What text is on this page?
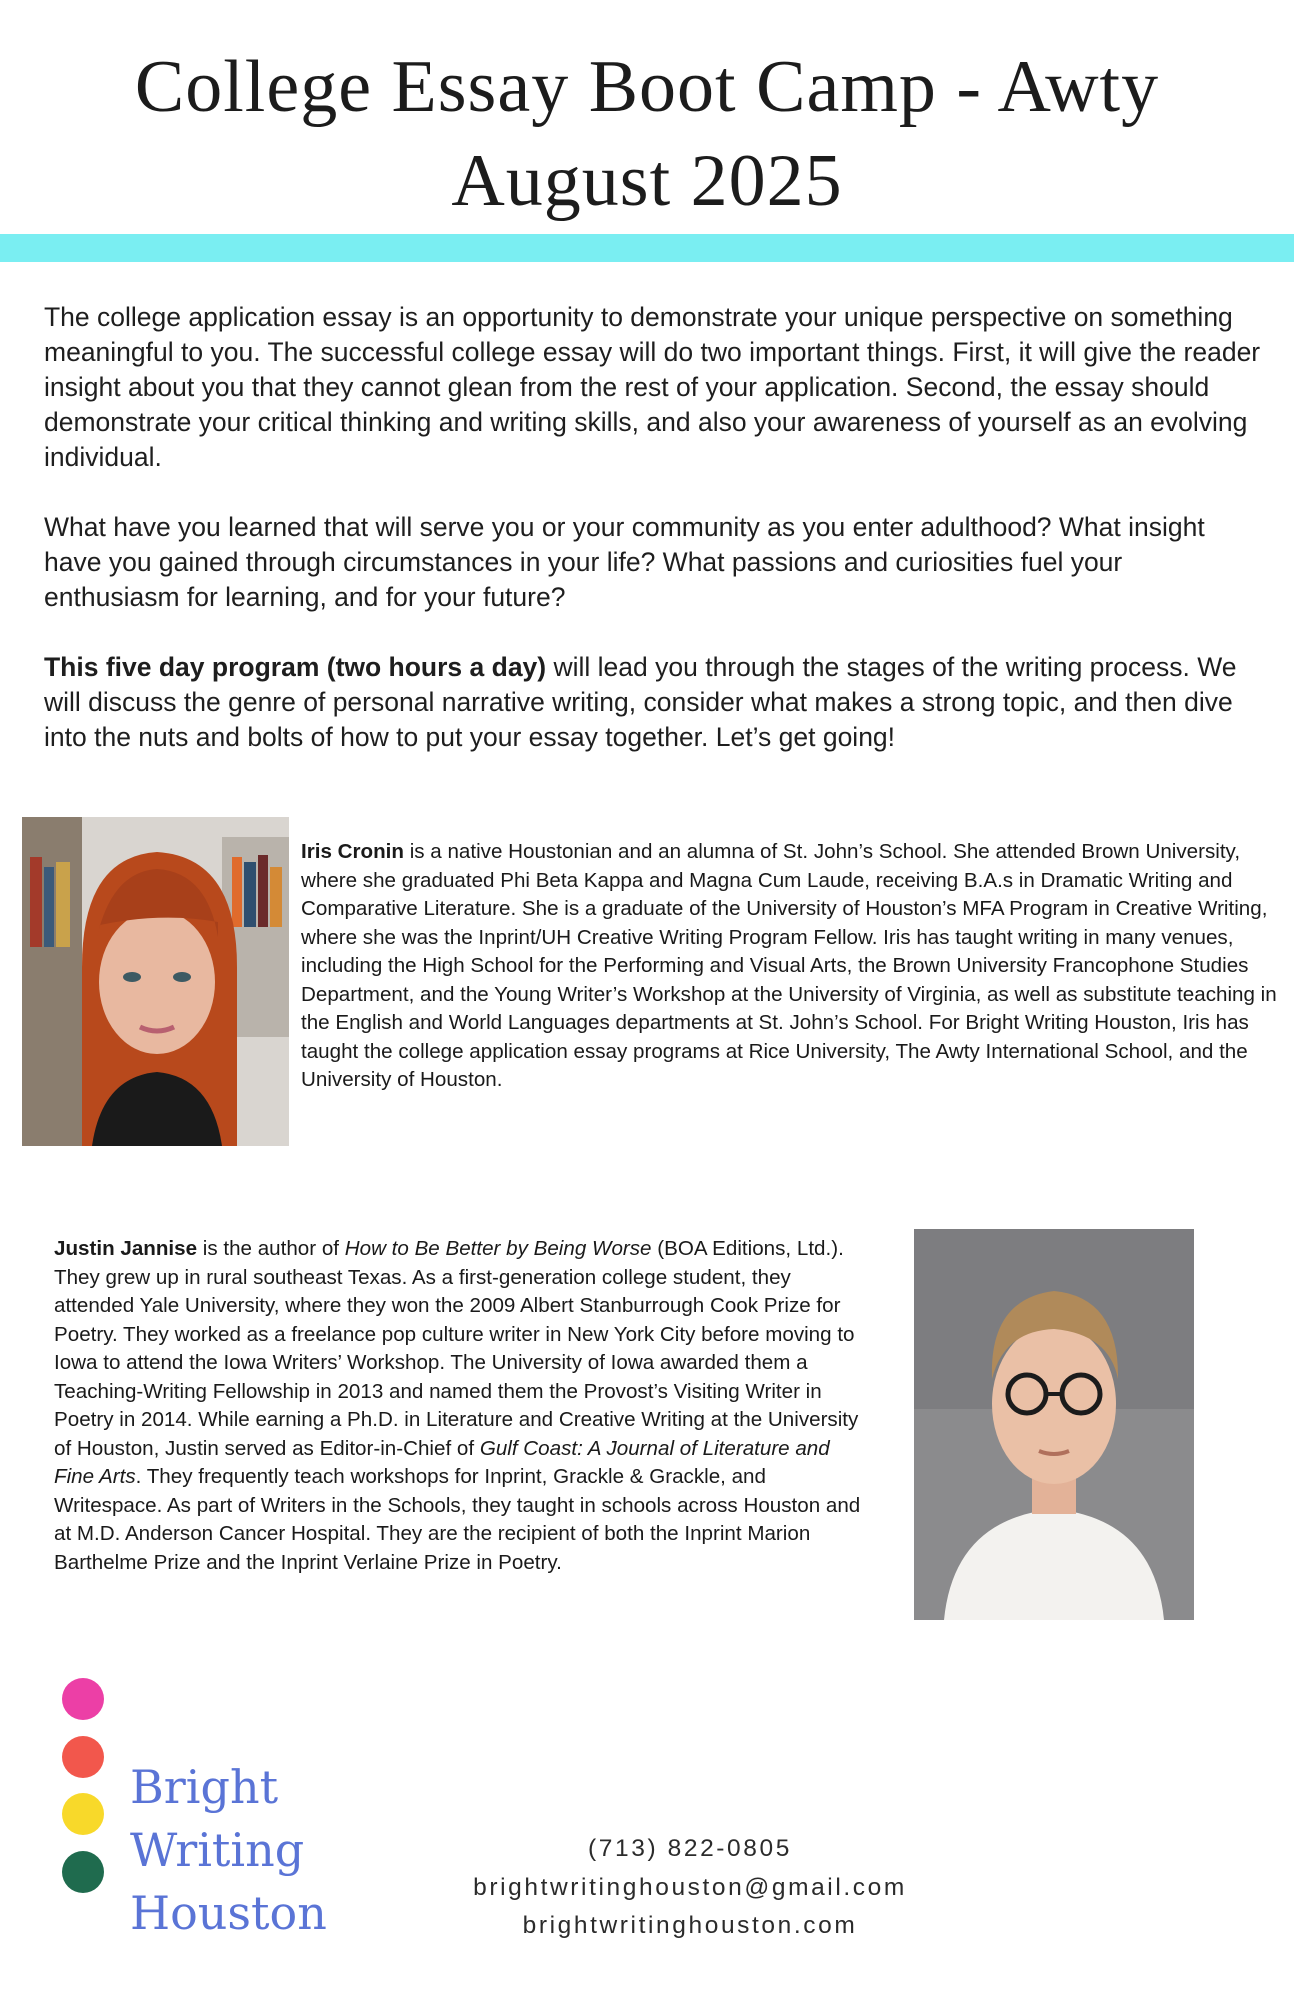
College Essay Boot Camp - Awty
August 2025

The college application essay is an opportunity to demonstrate your unique perspective on something meaningful to you. The successful college essay will do two important things. First, it will give the reader insight about you that they cannot glean from the rest of your application. Second, the essay should demonstrate your critical thinking and writing skills, and also your awareness of yourself as an evolving individual.

What have you learned that will serve you or your community as you enter adulthood? What insight have you gained through circumstances in your life? What passions and curiosities fuel your enthusiasm for learning, and for your future?

This five day program (two hours a day) will lead you through the stages of the writing process. We will discuss the genre of personal narrative writing, consider what makes a strong topic, and then dive into the nuts and bolts of how to put your essay together. Let’s get going!

Iris Cronin is a native Houstonian and an alumna of St. John’s School. She attended Brown University, where she graduated Phi Beta Kappa and Magna Cum Laude, receiving B.A.s in Dramatic Writing and Comparative Literature. She is a graduate of the University of Houston’s MFA Program in Creative Writing, where she was the Inprint/UH Creative Writing Program Fellow. Iris has taught writing in many venues, including the High School for the Performing and Visual Arts, the Brown University Francophone Studies Department, and the Young Writer’s Workshop at the University of Virginia, as well as substitute teaching in the English and World Languages departments at St. John’s School. For Bright Writing Houston, Iris has taught the college application essay programs at Rice University, The Awty International School, and the University of Houston.

Justin Jannise is the author of How to Be Better by Being Worse (BOA Editions, Ltd.). They grew up in rural southeast Texas. As a first-generation college student, they attended Yale University, where they won the 2009 Albert Stanburrough Cook Prize for Poetry. They worked as a freelance pop culture writer in New York City before moving to Iowa to attend the Iowa Writers’ Workshop. The University of Iowa awarded them a Teaching-Writing Fellowship in 2013 and named them the Provost’s Visiting Writer in Poetry in 2014. While earning a Ph.D. in Literature and Creative Writing at the University of Houston, Justin served as Editor-in-Chief of Gulf Coast: A Journal of Literature and Fine Arts. They frequently teach workshops for Inprint, Grackle & Grackle, and Writespace. As part of Writers in the Schools, they taught in schools across Houston and at M.D. Anderson Cancer Hospital. They are the recipient of both the Inprint Marion Barthelme Prize and the Inprint Verlaine Prize in Poetry.

Bright
Writing
Houston
(713) 822-0805
brightwritinghouston@gmail.com
brightwritinghouston.com
